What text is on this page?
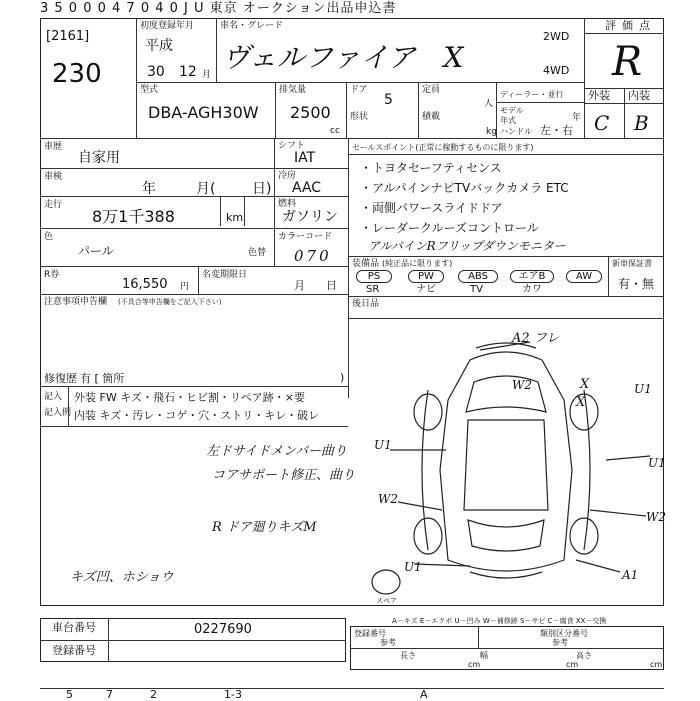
3 5 0 0 0 4 7 0 4 0 J U 東京 オークション出品申込書
[2161]
230
初度登録年月
平成
30 12 月
車名・グレード
ヴェルファイア　X
2WD
4WD
評価点
R
外装 内装
C B
型式
DBA-AGH30W
排気量
2500
cc
ドア
5
形状
定員
人
積載
kg
ディーラー・並行
モデル年式	年
ハンドル 左・右
車歴
自家用
シフト
IAT
車検
年	月(	日)
冷房
AAC
走行
8万1千388	km
燃料
ガソリン
色
パール	色替
カラーコード
070
R券
16,550 円
名変期限日
月 日
注意事項申告欄 (不具合等申告欄をご記入下さい)
修復歴 有 [ 箇所	)
セールスポイント(正常に稼動するものに限ります)
・トヨタセーフティセンス
・アルパインナビTVバックカメラ ETC
・両側パワースライドドア
・レーダークルーズコントロール
アルパインRフリップダウンモニター
装備品 (純正品に限ります)	新車保証書
有・無
PS
SR
PW
ナビ
ABS
TV
エアB
カワ
AW
後日品
A2 フレ
W2	X
X
U1
U1
U1
W2
W2
U1
A1
スペア
記入
記入例
外装 FW キズ・飛石・ヒビ割・リペア跡・×要
内装 キズ・汚レ・コゲ・穴・ストリ・キレ・破レ
左ドサイドメンバー曲り
コアサポート修正、曲り
R ドア廻りキズM
キズ凹、ホショウ
車台番号	0227690
登録番号
A－キズ E－エクボ U－凹み W－補修跡 S－サビ C－腐食 XX－交換
登録番号
参考
類別区分番号
参考
長さ
cm
幅
cm
高さ
cm
5	7	2	1-3	A
